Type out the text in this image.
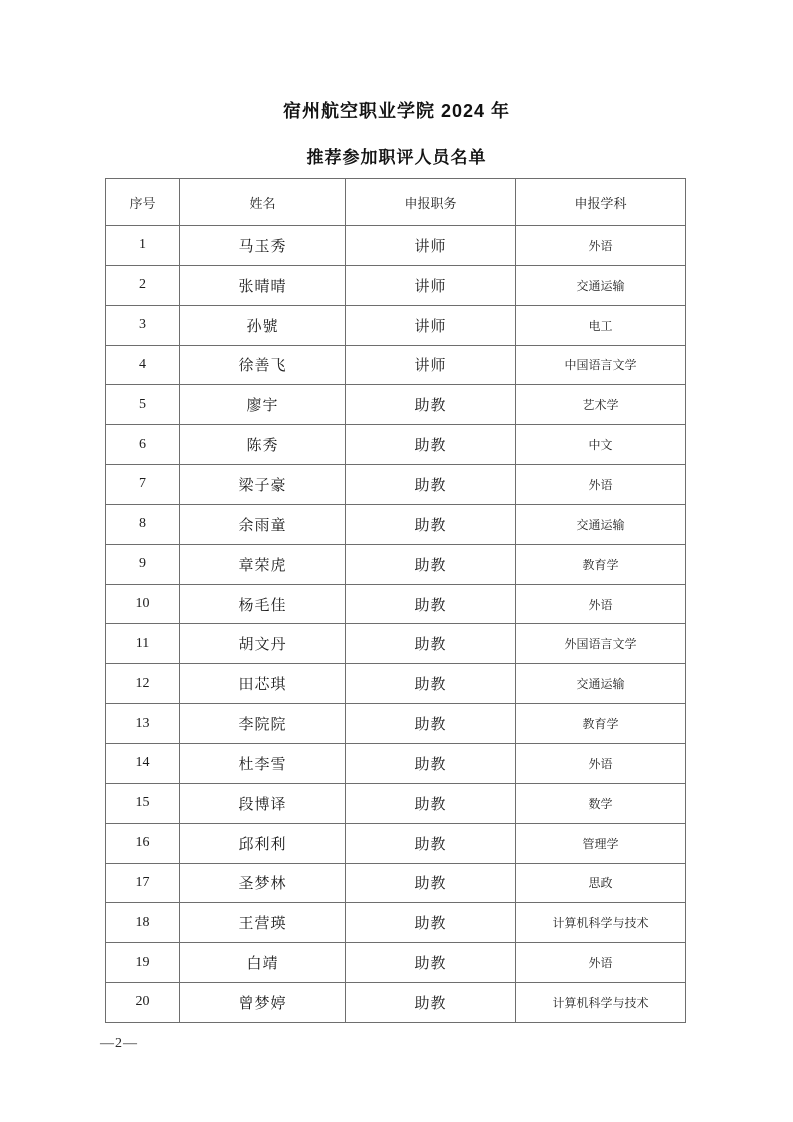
宿州航空职业学院 2024 年
推荐参加职评人员名单
序号	姓名	申报职务	申报学科
1	马玉秀	讲师	外语
2	张晴晴	讲师	交通运输
3	孙號	讲师	电工
4	徐善飞	讲师	中国语言文学
5	廖宇	助教	艺术学
6	陈秀	助教	中文
7	梁子豪	助教	外语
8	余雨童	助教	交通运输
9	章荣虎	助教	教育学
10	杨毛佳	助教	外语
11	胡文丹	助教	外国语言文学
12	田芯琪	助教	交通运输
13	李院院	助教	教育学
14	杜李雪	助教	外语
15	段博译	助教	数学
16	邱利利	助教	管理学
17	圣梦林	助教	思政
18	王营瑛	助教	计算机科学与技术
19	白靖	助教	外语
20	曾梦婷	助教	计算机科学与技术
—2—
